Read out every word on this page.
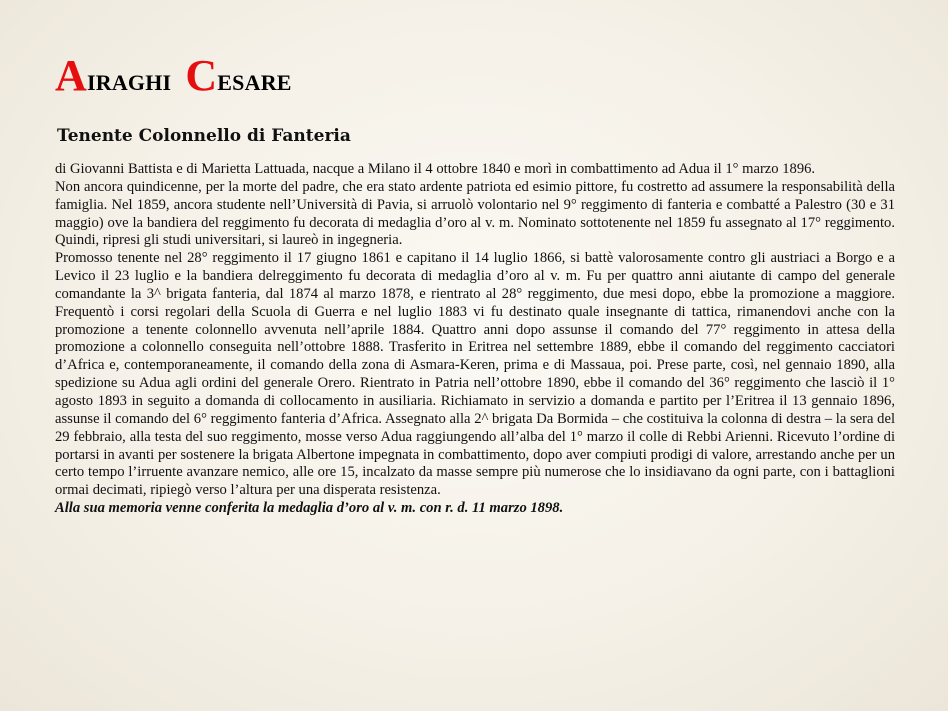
Airaghi Cesare
Tenente Colonnello di Fanteria

di Giovanni Battista e di Marietta Lattuada, nacque a Milano il 4 ottobre 1840 e morì in combattimento ad Adua il 1° marzo 1896.

Non ancora quindicenne, per la morte del padre, che era stato ardente patriota ed esimio pittore, fu costretto ad assumere la responsabilità della famiglia. Nel 1859, ancora studente nell’Università di Pavia, si arruolò volontario nel 9° reggimento di fanteria e combatté a Palestro (30 e 31 maggio) ove la bandiera del reggimento fu decorata di medaglia d’oro al v. m. Nominato sottotenente nel 1859 fu assegnato al 17° reggimento. Quindi, ripresi gli studi universitari, si laureò in ingegneria.

Promosso tenente nel 28° reggimento il 17 giugno 1861 e capitano il 14 luglio 1866, si battè valorosamente contro gli austriaci a Borgo e a Levico il 23 luglio e la bandiera delreggimento fu decorata di medaglia d’oro al v. m. Fu per quattro anni aiutante di campo del generale comandante la 3^ brigata fanteria, dal 1874 al marzo 1878, e rientrato al 28° reggimento, due mesi dopo, ebbe la promozione a maggiore. Frequentò i corsi regolari della Scuola di Guerra e nel luglio 1883 vi fu destinato quale insegnante di tattica, rimanendovi anche con la promozione a tenente colonnello avvenuta nell’aprile 1884. Quattro anni dopo assunse il comando del 77° reggimento in attesa della promozione a colonnello conseguita nell’ottobre 1888. Trasferito in Eritrea nel settembre 1889, ebbe il comando del reggimento cacciatori d’Africa e, contemporaneamente, il comando della zona di Asmara-Keren, prima e di Massaua, poi. Prese parte, così, nel gennaio 1890, alla spedizione su Adua agli ordini del generale Orero. Rientrato in Patria nell’ottobre 1890, ebbe il comando del 36° reggimento che lasciò il 1° agosto 1893 in seguito a domanda di collocamento in ausiliaria. Richiamato in servizio a domanda e partito per l’Eritrea il 13 gennaio 1896, assunse il comando del 6° reggimento fanteria d’Africa. Assegnato alla 2^ brigata Da Bormida – che costituiva la colonna di destra – la sera del 29 febbraio, alla testa del suo reggimento, mosse verso Adua raggiungendo all’alba del 1° marzo il colle di Rebbi Arienni. Ricevuto l’ordine di portarsi in avanti per sostenere la brigata Albertone impegnata in combattimento, dopo aver compiuti prodigi di valore, arrestando anche per un certo tempo l’irruente avanzare nemico, alle ore 15, incalzato da masse sempre più numerose che lo insidiavano da ogni parte, con i battaglioni ormai decimati, ripiegò verso l’altura per una disperata resistenza.

Alla sua memoria venne conferita la medaglia d’oro al v. m. con r. d. 11 marzo 1898.
